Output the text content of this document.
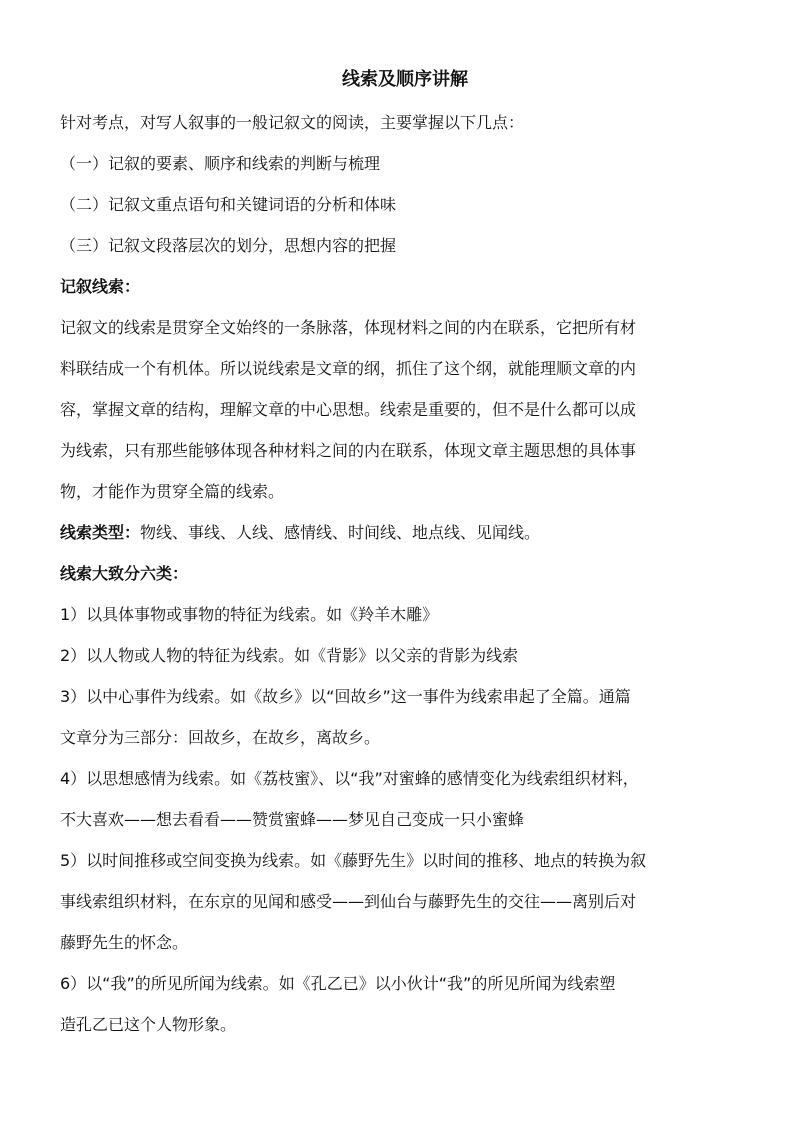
线索及顺序讲解
针对考点，对写人叙事的一般记叙文的阅读，主要掌握以下几点：
（一）记叙的要素、顺序和线索的判断与梳理
（二）记叙文重点语句和关键词语的分析和体味
（三）记叙文段落层次的划分，思想内容的把握
记叙线索：
记叙文的线索是贯穿全文始终的一条脉落，体现材料之间的内在联系，它把所有材
料联结成一个有机体。所以说线索是文章的纲，抓住了这个纲，就能理顺文章的内
容，掌握文章的结构，理解文章的中心思想。线索是重要的，但不是什么都可以成
为线索，只有那些能够体现各种材料之间的内在联系，体现文章主题思想的具体事
物，才能作为贯穿全篇的线索。
线索类型：物线、事线、人线、感情线、时间线、地点线、见闻线。
线索大致分六类：
1）以具体事物或事物的特征为线索。如《羚羊木雕》
2）以人物或人物的特征为线索。如《背影》以父亲的背影为线索
3）以中心事件为线索。如《故乡》以“回故乡”这一事件为线索串起了全篇。通篇
文章分为三部分：回故乡，在故乡，离故乡。
4）以思想感情为线索。如《荔枝蜜》、以“我”对蜜蜂的感情变化为线索组织材料，
不大喜欢——想去看看——赞赏蜜蜂——梦见自己变成一只小蜜蜂
5）以时间推移或空间变换为线索。如《藤野先生》以时间的推移、地点的转换为叙
事线索组织材料，在东京的见闻和感受——到仙台与藤野先生的交往——离别后对
藤野先生的怀念。
6）以“我”的所见所闻为线索。如《孔乙已》以小伙计“我”的所见所闻为线索塑
造孔乙已这个人物形象。
